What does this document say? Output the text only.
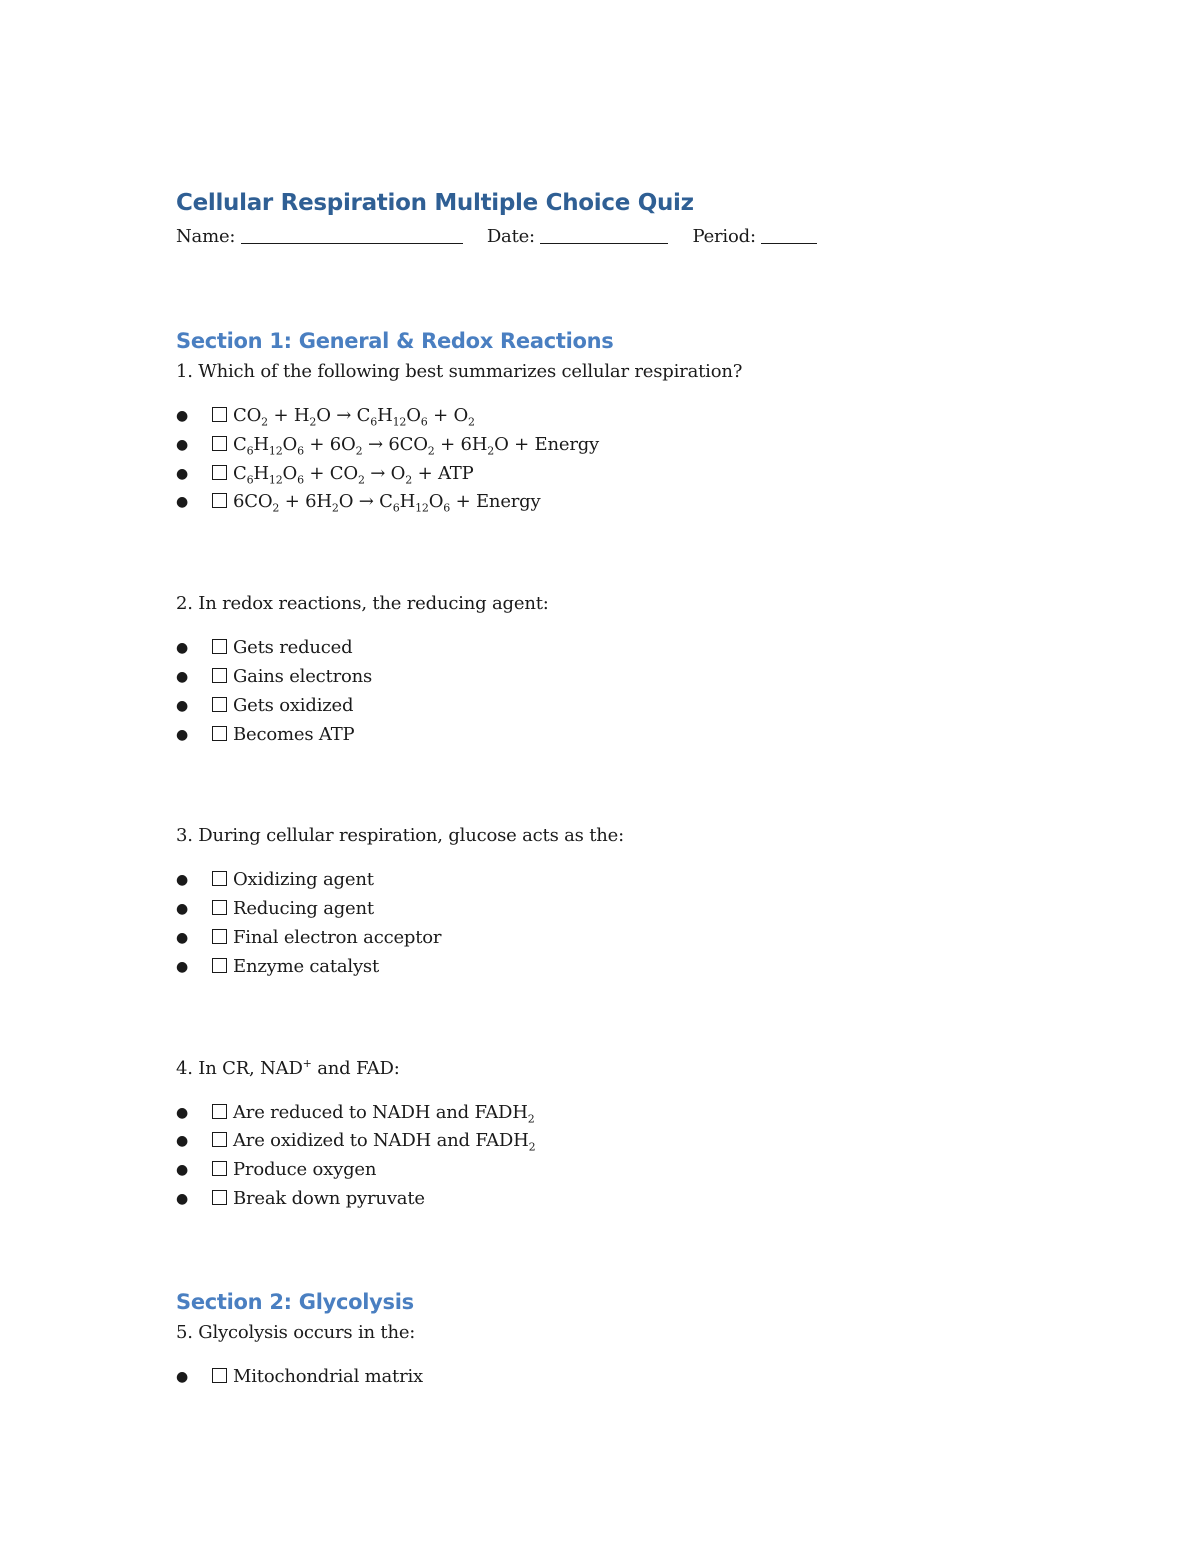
Cellular Respiration Multiple Choice Quiz
Name:	Date:	Period:
Section 1: General & Redox Reactions

1. Which of the following best summarizes cellular respiration?

● $CO_2 + H_2O \to C_6H_{12}O_6 + O_2$
● $C_6H_{12}O_6 + 6O_2 \to 6CO_2 + 6H_2O$ + Energy
● $C_6H_{12}O_6 + CO_2 \to O_2$ + ATP
● $6CO_2 + 6H_2O \to C_6H_{12}O_6$ + Energy

2. In redox reactions, the reducing agent:

● Gets reduced
● Gains electrons
● Gets oxidized
● Becomes ATP

3. During cellular respiration, glucose acts as the:

● Oxidizing agent
● Reducing agent
● Final electron acceptor
● Enzyme catalyst

4. In CR, NAD+ and FAD:

● Are reduced to NADH and $FADH_2$
● Are oxidized to NADH and $FADH_2$
● Produce oxygen
● Break down pyruvate
Section 2: Glycolysis

5. Glycolysis occurs in the:

● Mitochondrial matrix
